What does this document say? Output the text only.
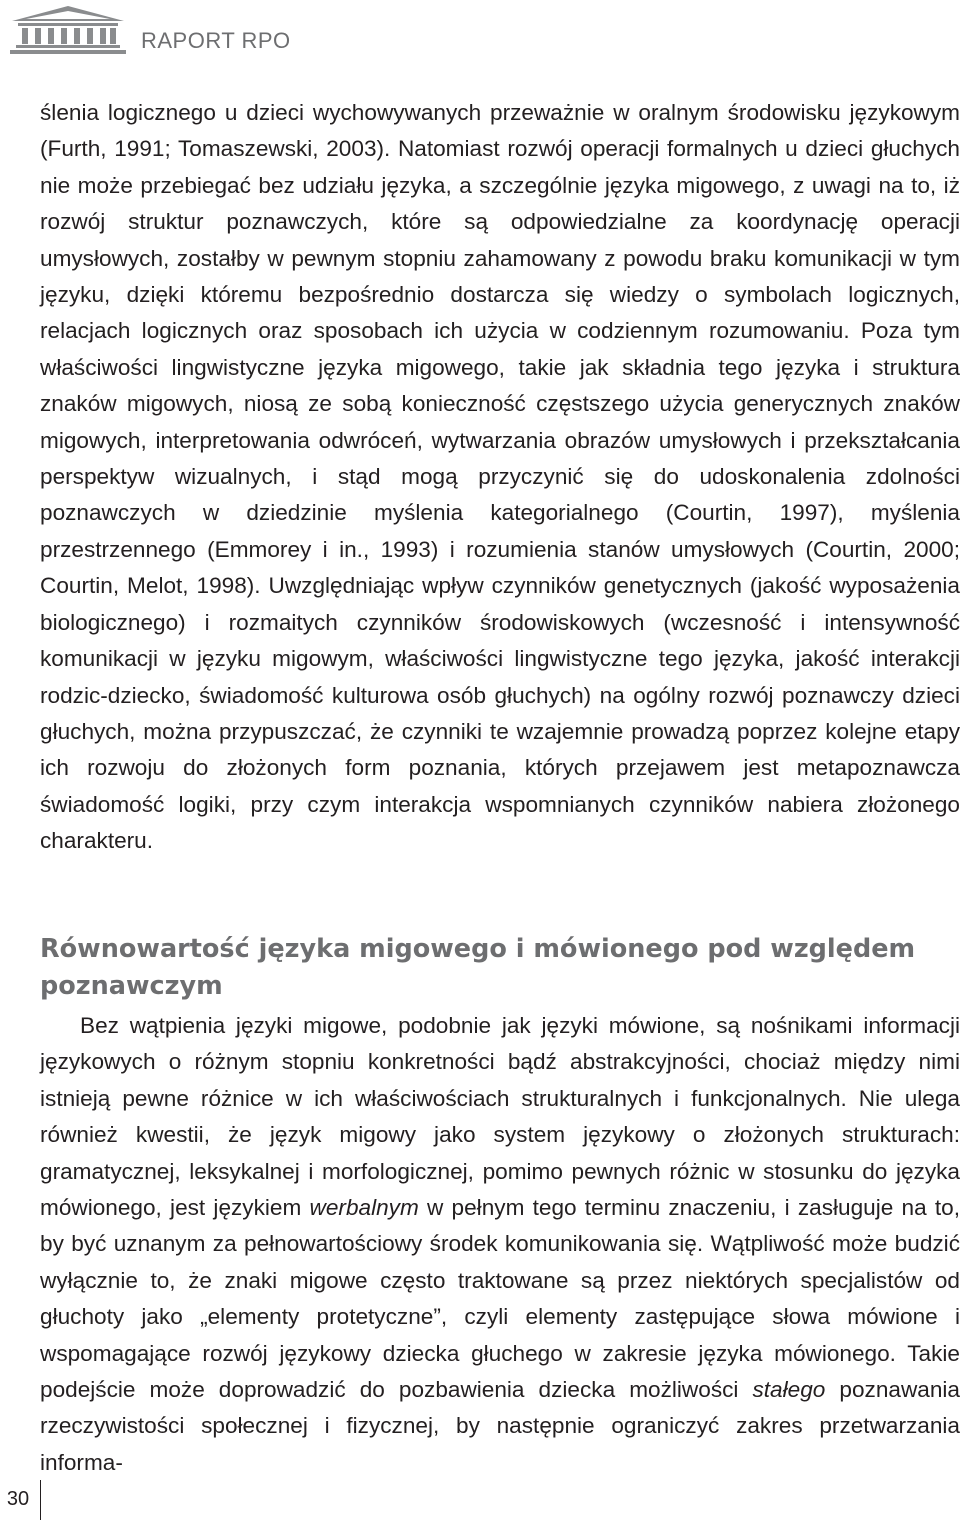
RAPORT RPO

ślenia logicznego u dzieci wychowywanych przeważnie w oralnym środowisku językowym (Furth, 1991; Tomaszewski, 2003). Natomiast rozwój operacji formalnych u dzieci głuchych nie może przebiegać bez udziału języka, a szczególnie języka migowego, z uwagi na to, iż rozwój struktur poznawczych, które są odpowiedzialne za koordynację operacji umysłowych, zostałby w pewnym stopniu zahamowany z powodu braku komunikacji w tym języku, dzięki któremu bezpośrednio dostarcza się wiedzy o symbolach logicznych, relacjach logicznych oraz sposobach ich użycia w codziennym rozumowaniu. Poza tym właściwości lingwistyczne języka migowego, takie jak składnia tego języka i struktura znaków migowych, niosą ze sobą konieczność częstszego użycia generycznych znaków migowych, interpretowania odwróceń, wytwarzania obrazów umysłowych i przekształcania perspektyw wizualnych, i stąd mogą przyczynić się do udoskonalenia zdolności poznawczych w dziedzinie myślenia kategorialnego (Courtin, 1997), myślenia przestrzennego (Emmorey i in., 1993) i rozumienia stanów umysłowych (Courtin, 2000; Courtin, Melot, 1998). Uwzględniając wpływ czynników genetycznych (jakość wyposażenia biologicznego) i rozmaitych czynników środowiskowych (wczesność i intensywność komunikacji w języku migowym, właściwości lingwistyczne tego języka, jakość interakcji rodzic-dziecko, świadomość kulturowa osób głuchych) na ogólny rozwój poznawczy dzieci głuchych, można przypuszczać, że czynniki te wzajemnie prowadzą poprzez kolejne etapy ich rozwoju do złożonych form poznania, których przejawem jest metapoznawcza świadomość logiki, przy czym interakcja wspomnianych czynników nabiera złożonego charakteru.

Równowartość języka migowego i mówionego pod względem poznawczym

Bez wątpienia języki migowe, podobnie jak języki mówione, są nośnikami informacji językowych o różnym stopniu konkretności bądź abstrakcyjności, chociaż między nimi istnieją pewne różnice w ich właściwościach strukturalnych i funkcjonalnych. Nie ulega również kwestii, że język migowy jako system językowy o złożonych strukturach: gramatycznej, leksykalnej i morfologicznej, pomimo pewnych różnic w stosunku do języka mówionego, jest językiem werbalnym w pełnym tego terminu znaczeniu, i zasługuje na to, by być uznanym za pełnowartościowy środek komunikowania się. Wątpliwość może budzić wyłącznie to, że znaki migowe często traktowane są przez niektórych specjalistów od głuchoty jako „elementy protetyczne”, czyli elementy zastępujące słowa mówione i wspomagające rozwój językowy dziecka głuchego w zakresie języka mówionego. Takie podejście może doprowadzić do pozbawienia dziecka możliwości stałego poznawania rzeczywistości społecznej i fizycznej, by następnie ograniczyć zakres przetwarzania informa-

30
